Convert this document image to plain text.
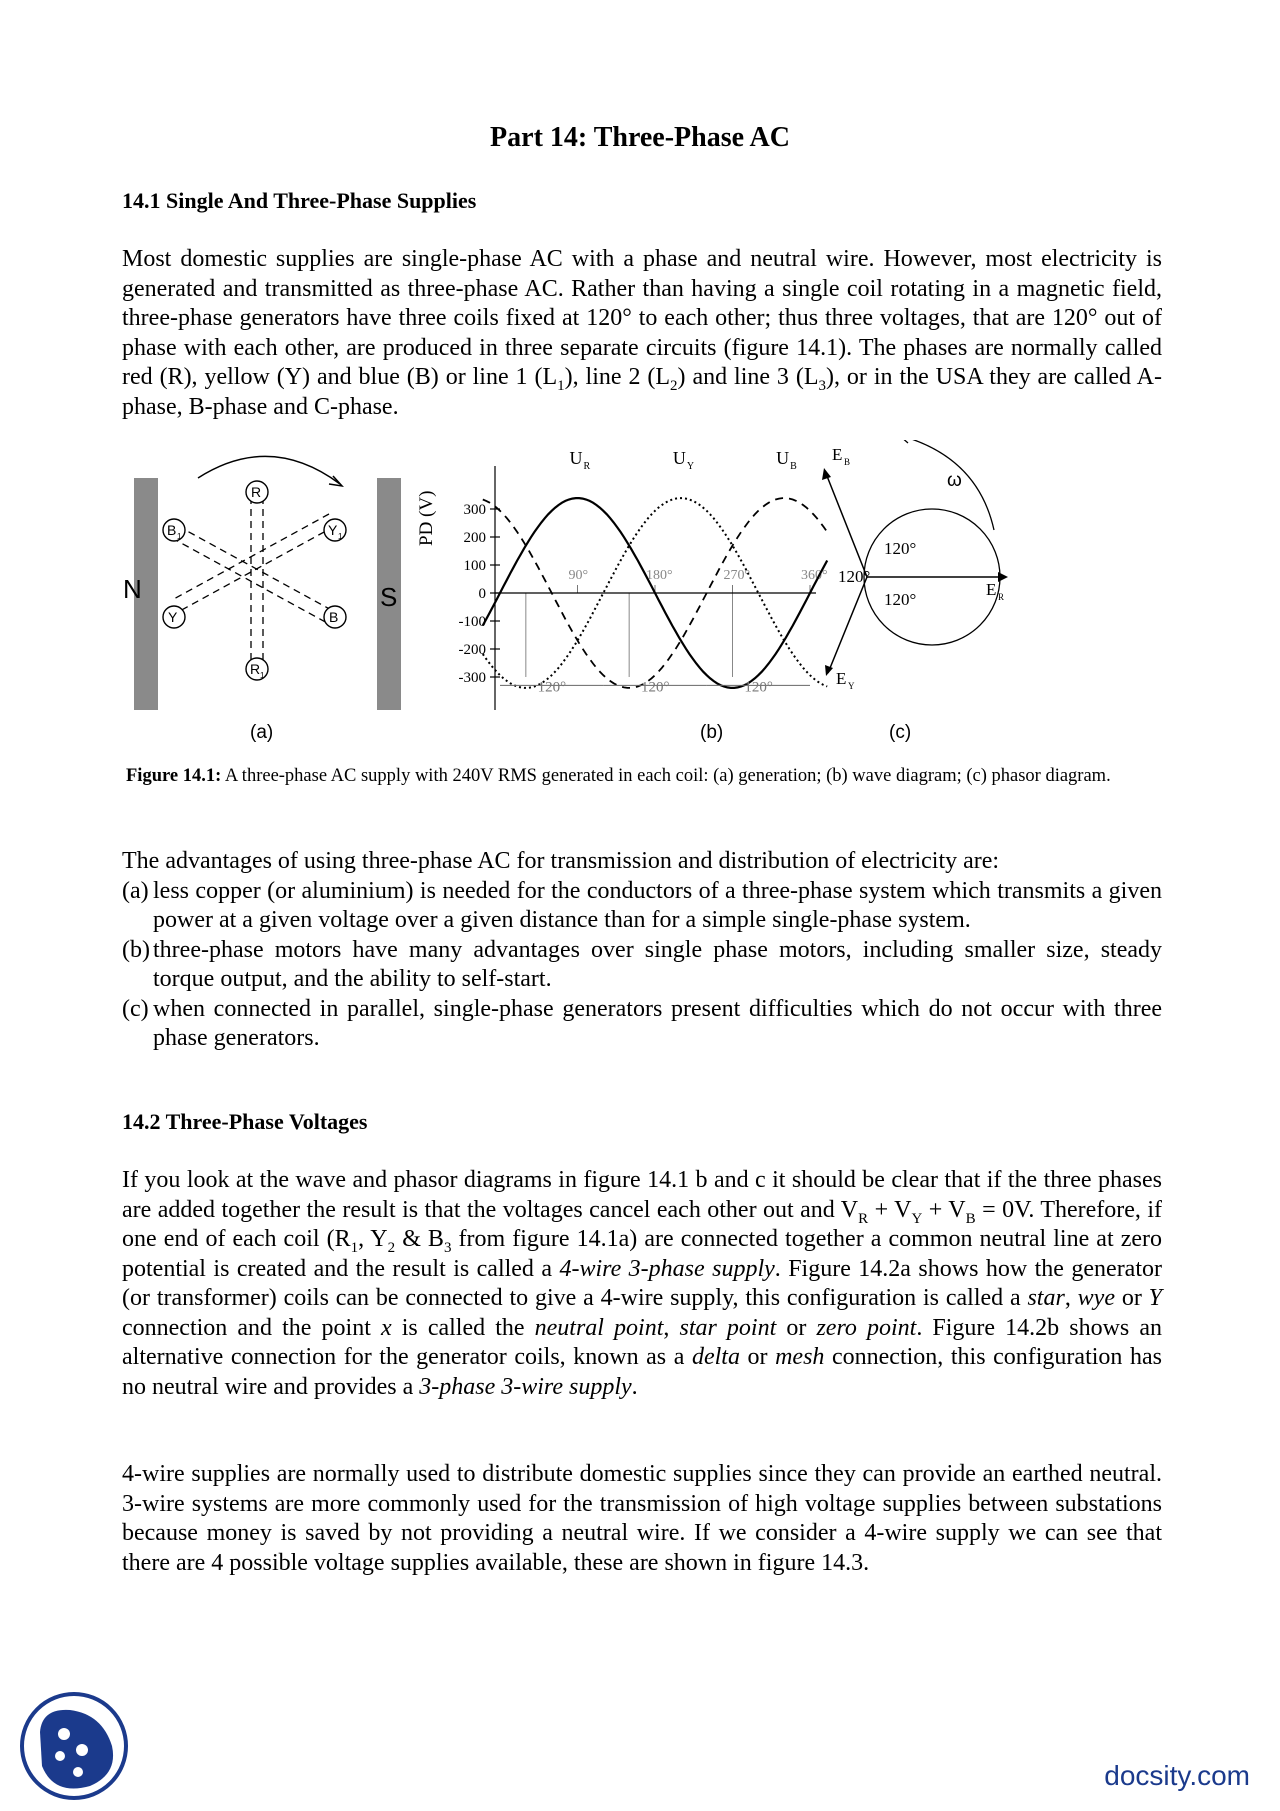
Part 14: Three-Phase AC
14.1 Single And Three-Phase Supplies
Most domestic supplies are single-phase AC with a phase and neutral wire. However, most electricity is generated and transmitted as three-phase AC. Rather than having a single coil rotating in a magnetic field, three-phase generators have three coils fixed at 120° to each other; thus three voltages, that are 120° out of phase with each other, are produced in three separate circuits (figure 14.1). The phases are normally called red (R), yellow (Y) and blue (B) or line 1 $(L_1)$, line 2 $(L_2)$ and line 3 $(L_3)$, or in the USA they are called A-phase, B-phase and C-phase.
N	S
R
B 1	Y 1
Y	B
R 1
(a)
PD (V) 300
200
100
0
-100
-200
-300
90°	180°	270°	360°
U R	U Y	U B
120°	120°	120°
(b)
ω
E B
E R
E Y
120°
120°
120°
(c)
Figure 14.1: A three-phase AC supply with 240V RMS generated in each coil: (a) generation; (b) wave diagram; (c) phasor diagram.
The advantages of using three-phase AC for transmission and distribution of electricity are:
(a) less copper (or aluminium) is needed for the conductors of a three-phase system which transmits a given power at a given voltage over a given distance than for a simple single-phase system.
(b) three-phase motors have many advantages over single phase motors, including smaller size, steady torque output, and the ability to self-start.
(c) when connected in parallel, single-phase generators present difficulties which do not occur with three phase generators.
14.2 Three-Phase Voltages
If you look at the wave and phasor diagrams in figure 14.1 b and c it should be clear that if the three phases are added together the result is that the voltages cancel each other out and $V_R + V_Y + V_B = 0V$. Therefore, if one end of each coil ($R_1$, $Y_2$ & $B_3$ from figure 14.1a) are connected together a common neutral line at zero potential is created and the result is called a 4-wire 3-phase supply. Figure 14.2a shows how the generator (or transformer) coils can be connected to give a 4-wire supply, this configuration is called a star, wye or Y connection and the point x is called the neutral point, star point or zero point. Figure 14.2b shows an alternative connection for the generator coils, known as a delta or mesh connection, this configuration has no neutral wire and provides a 3-phase 3-wire supply.
4-wire supplies are normally used to distribute domestic supplies since they can provide an earthed neutral. 3-wire systems are more commonly used for the transmission of high voltage supplies between substations because money is saved by not providing a neutral wire. If we consider a 4-wire supply we can see that there are 4 possible voltage supplies available, these are shown in figure 14.3.
docsity.com
